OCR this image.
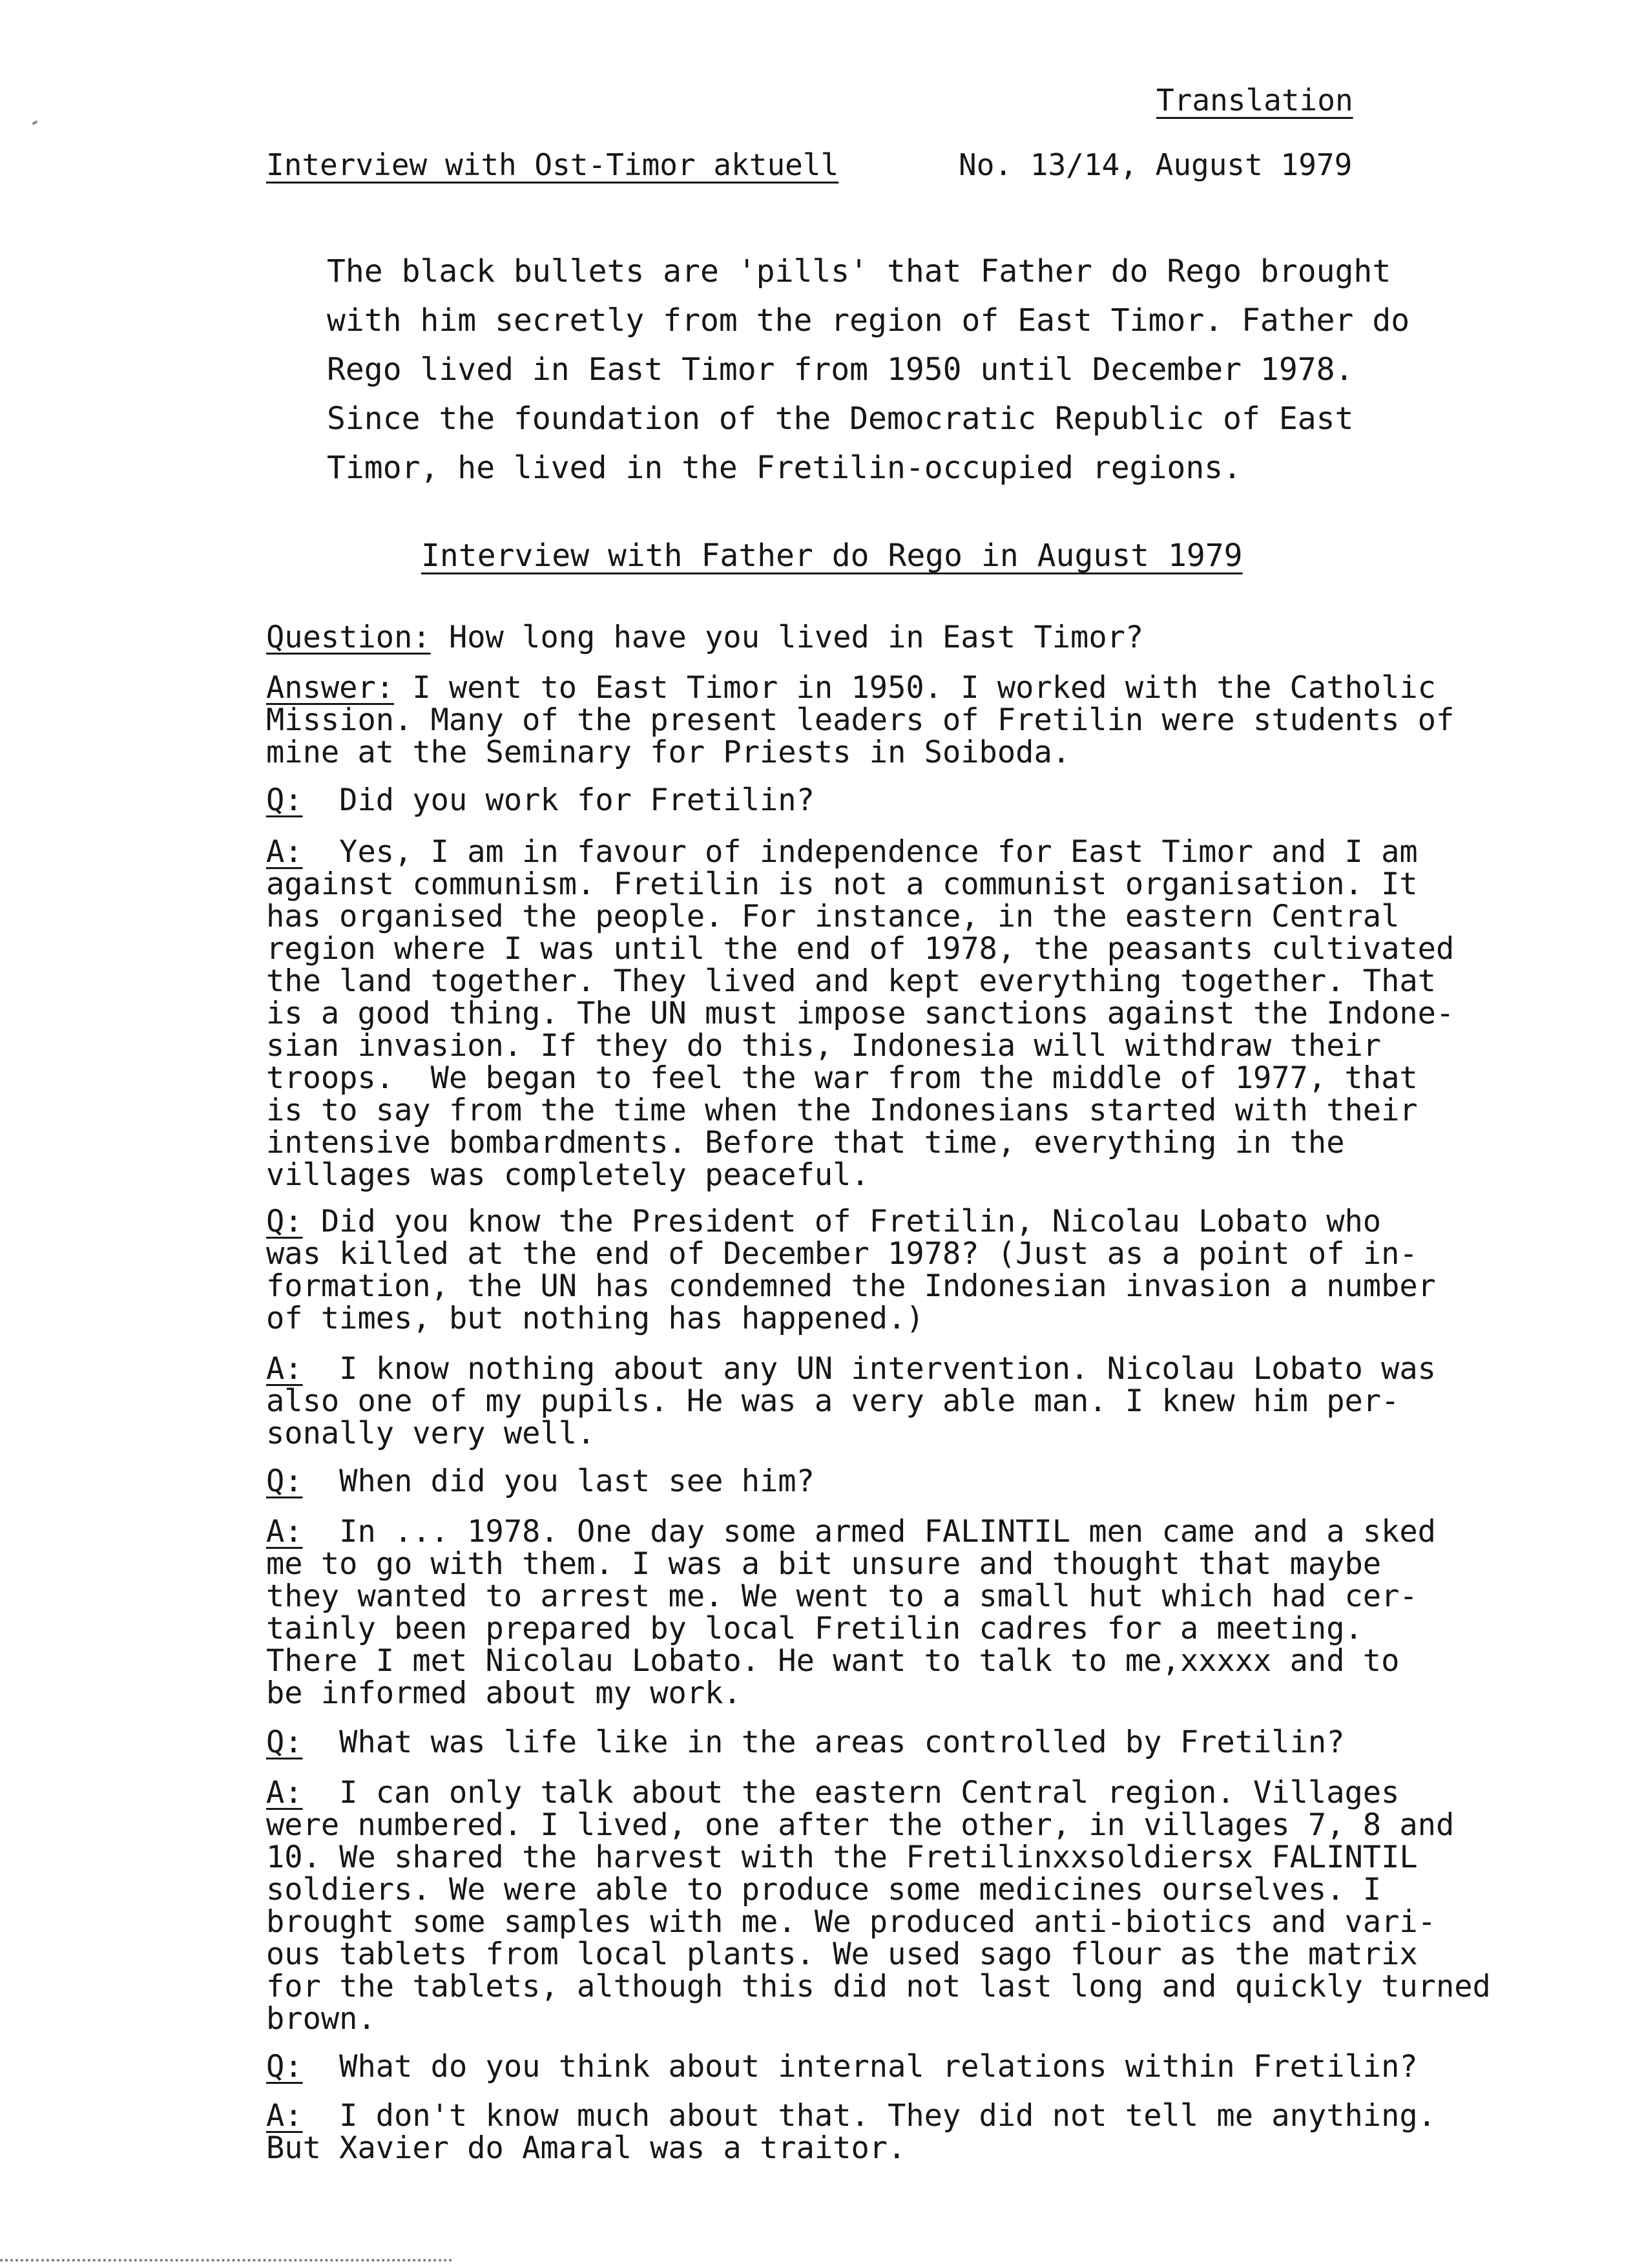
Translation
Interview with Ost-Timor aktuell	No. 13/14, August 1979
The black bullets are 'pills' that Father do Rego brought
with him secretly from the region of East Timor. Father do
Rego lived in East Timor from 1950 until December 1978.
Since the foundation of the Democratic Republic of East
Timor, he lived in the Fretilin-occupied regions.
Interview with Father do Rego in August 1979
Question: How long have you lived in East Timor?
Answer: I went to East Timor in 1950. I worked with the Catholic
Mission. Many of the present leaders of Fretilin were students of
mine at the Seminary for Priests in Soiboda.
Q:  Did you work for Fretilin?
A:  Yes, I am in favour of independence for East Timor and I am
against communism. Fretilin is not a communist organisation. It
has organised the people. For instance, in the eastern Central
region where I was until the end of 1978, the peasants cultivated
the land together. They lived and kept everything together. That
is a good thing. The UN must impose sanctions against the Indone-
sian invasion. If they do this, Indonesia will withdraw their
troops.  We began to feel the war from the middle of 1977, that
is to say from the time when the Indonesians started with their
intensive bombardments. Before that time, everything in the
villages was completely peaceful.
Q: Did you know the President of Fretilin, Nicolau Lobato who
was killed at the end of December 1978? (Just as a point of in-
formation, the UN has condemned the Indonesian invasion a number
of times, but nothing has happened.)
A:  I know nothing about any UN intervention. Nicolau Lobato was
also one of my pupils. He was a very able man. I knew him per-
sonally very well.
Q:  When did you last see him?
A:  In ... 1978. One day some armed FALINTIL men came and a sked
me to go with them. I was a bit unsure and thought that maybe
they wanted to arrest me. We went to a small hut which had cer-
tainly been prepared by local Fretilin cadres for a meeting.
There I met Nicolau Lobato. He want to talk to me,xxxxx and to
be informed about my work.
Q:  What was life like in the areas controlled by Fretilin?
A:  I can only talk about the eastern Central region. Villages
were numbered. I lived, one after the other, in villages 7, 8 and
10. We shared the harvest with the Fretilinxxsoldiersx FALINTIL
soldiers. We were able to produce some medicines ourselves. I
brought some samples with me. We produced anti-biotics and vari-
ous tablets from local plants. We used sago flour as the matrix
for the tablets, although this did not last long and quickly turned
brown.
Q:  What do you think about internal relations within Fretilin?
A:  I don't know much about that. They did not tell me anything.
But Xavier do Amaral was a traitor.
